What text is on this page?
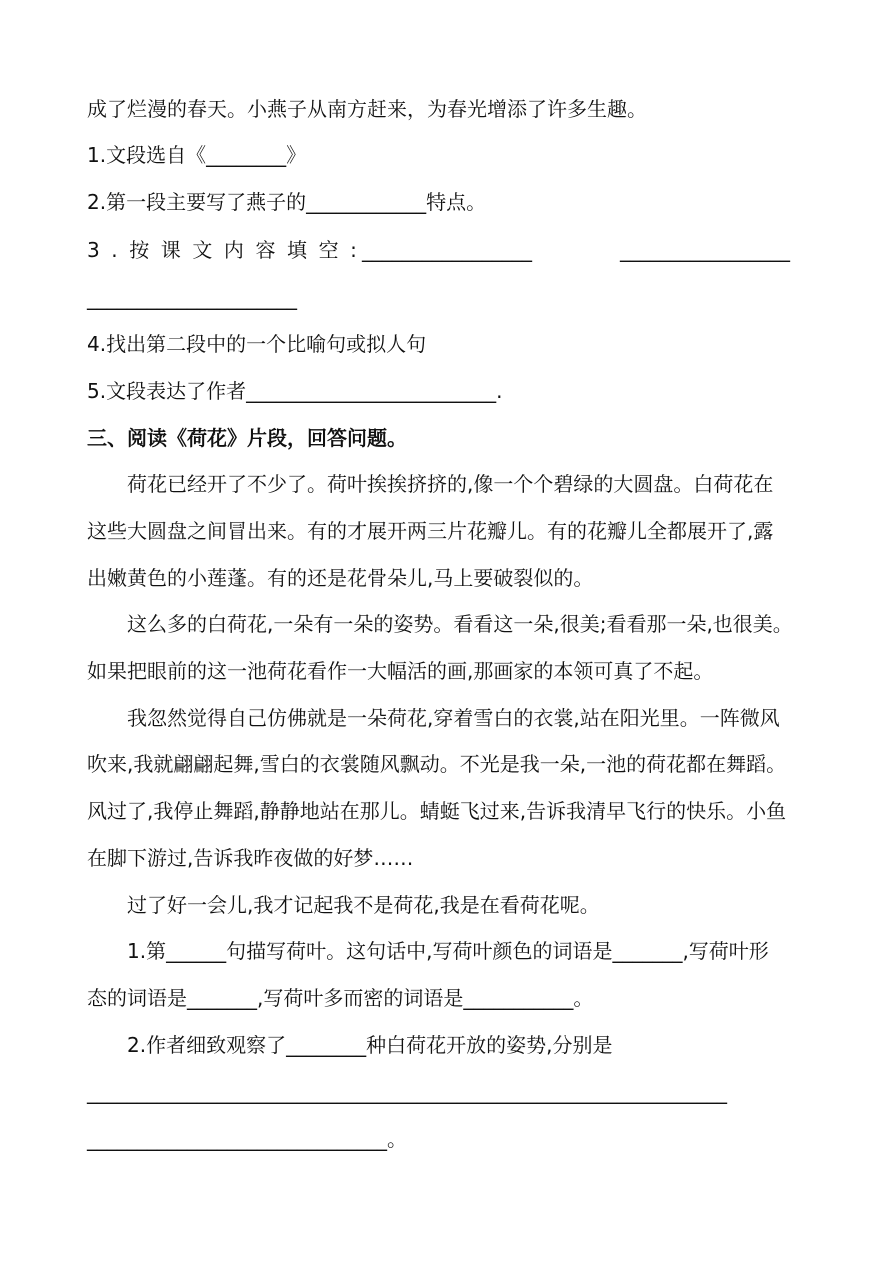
成了烂漫的春天。小燕子从南方赶来，为春光增添了许多生趣。
1.文段选自《________》
2.第一段主要写了燕子的____________特点。
3 . 按 课 文 内 容 填 空 : _________________	_________________
_____________________
4.找出第二段中的一个比喻句或拟人句
5.文段表达了作者_________________________.
三、阅读《荷花》片段，回答问题。
荷花已经开了不少了。荷叶挨挨挤挤的,像一个个碧绿的大圆盘。白荷花在
这些大圆盘之间冒出来。有的才展开两三片花瓣儿。有的花瓣儿全都展开了,露
出嫩黄色的小莲蓬。有的还是花骨朵儿,马上要破裂似的。
这么多的白荷花,一朵有一朵的姿势。看看这一朵,很美;看看那一朵,也很美。
如果把眼前的这一池荷花看作一大幅活的画,那画家的本领可真了不起。
我忽然觉得自己仿佛就是一朵荷花,穿着雪白的衣裳,站在阳光里。一阵微风
吹来,我就翩翩起舞,雪白的衣裳随风飘动。不光是我一朵,一池的荷花都在舞蹈。
风过了,我停止舞蹈,静静地站在那儿。蜻蜓飞过来,告诉我清早飞行的快乐。小鱼
在脚下游过,告诉我昨夜做的好梦……
过了好一会儿,我才记起我不是荷花,我是在看荷花呢。
1.第______句描写荷叶。这句话中,写荷叶颜色的词语是_______,写荷叶形
态的词语是_______,写荷叶多而密的词语是___________。
2.作者细致观察了________种白荷花开放的姿势,分别是
________________________________________________________________
______________________________。
